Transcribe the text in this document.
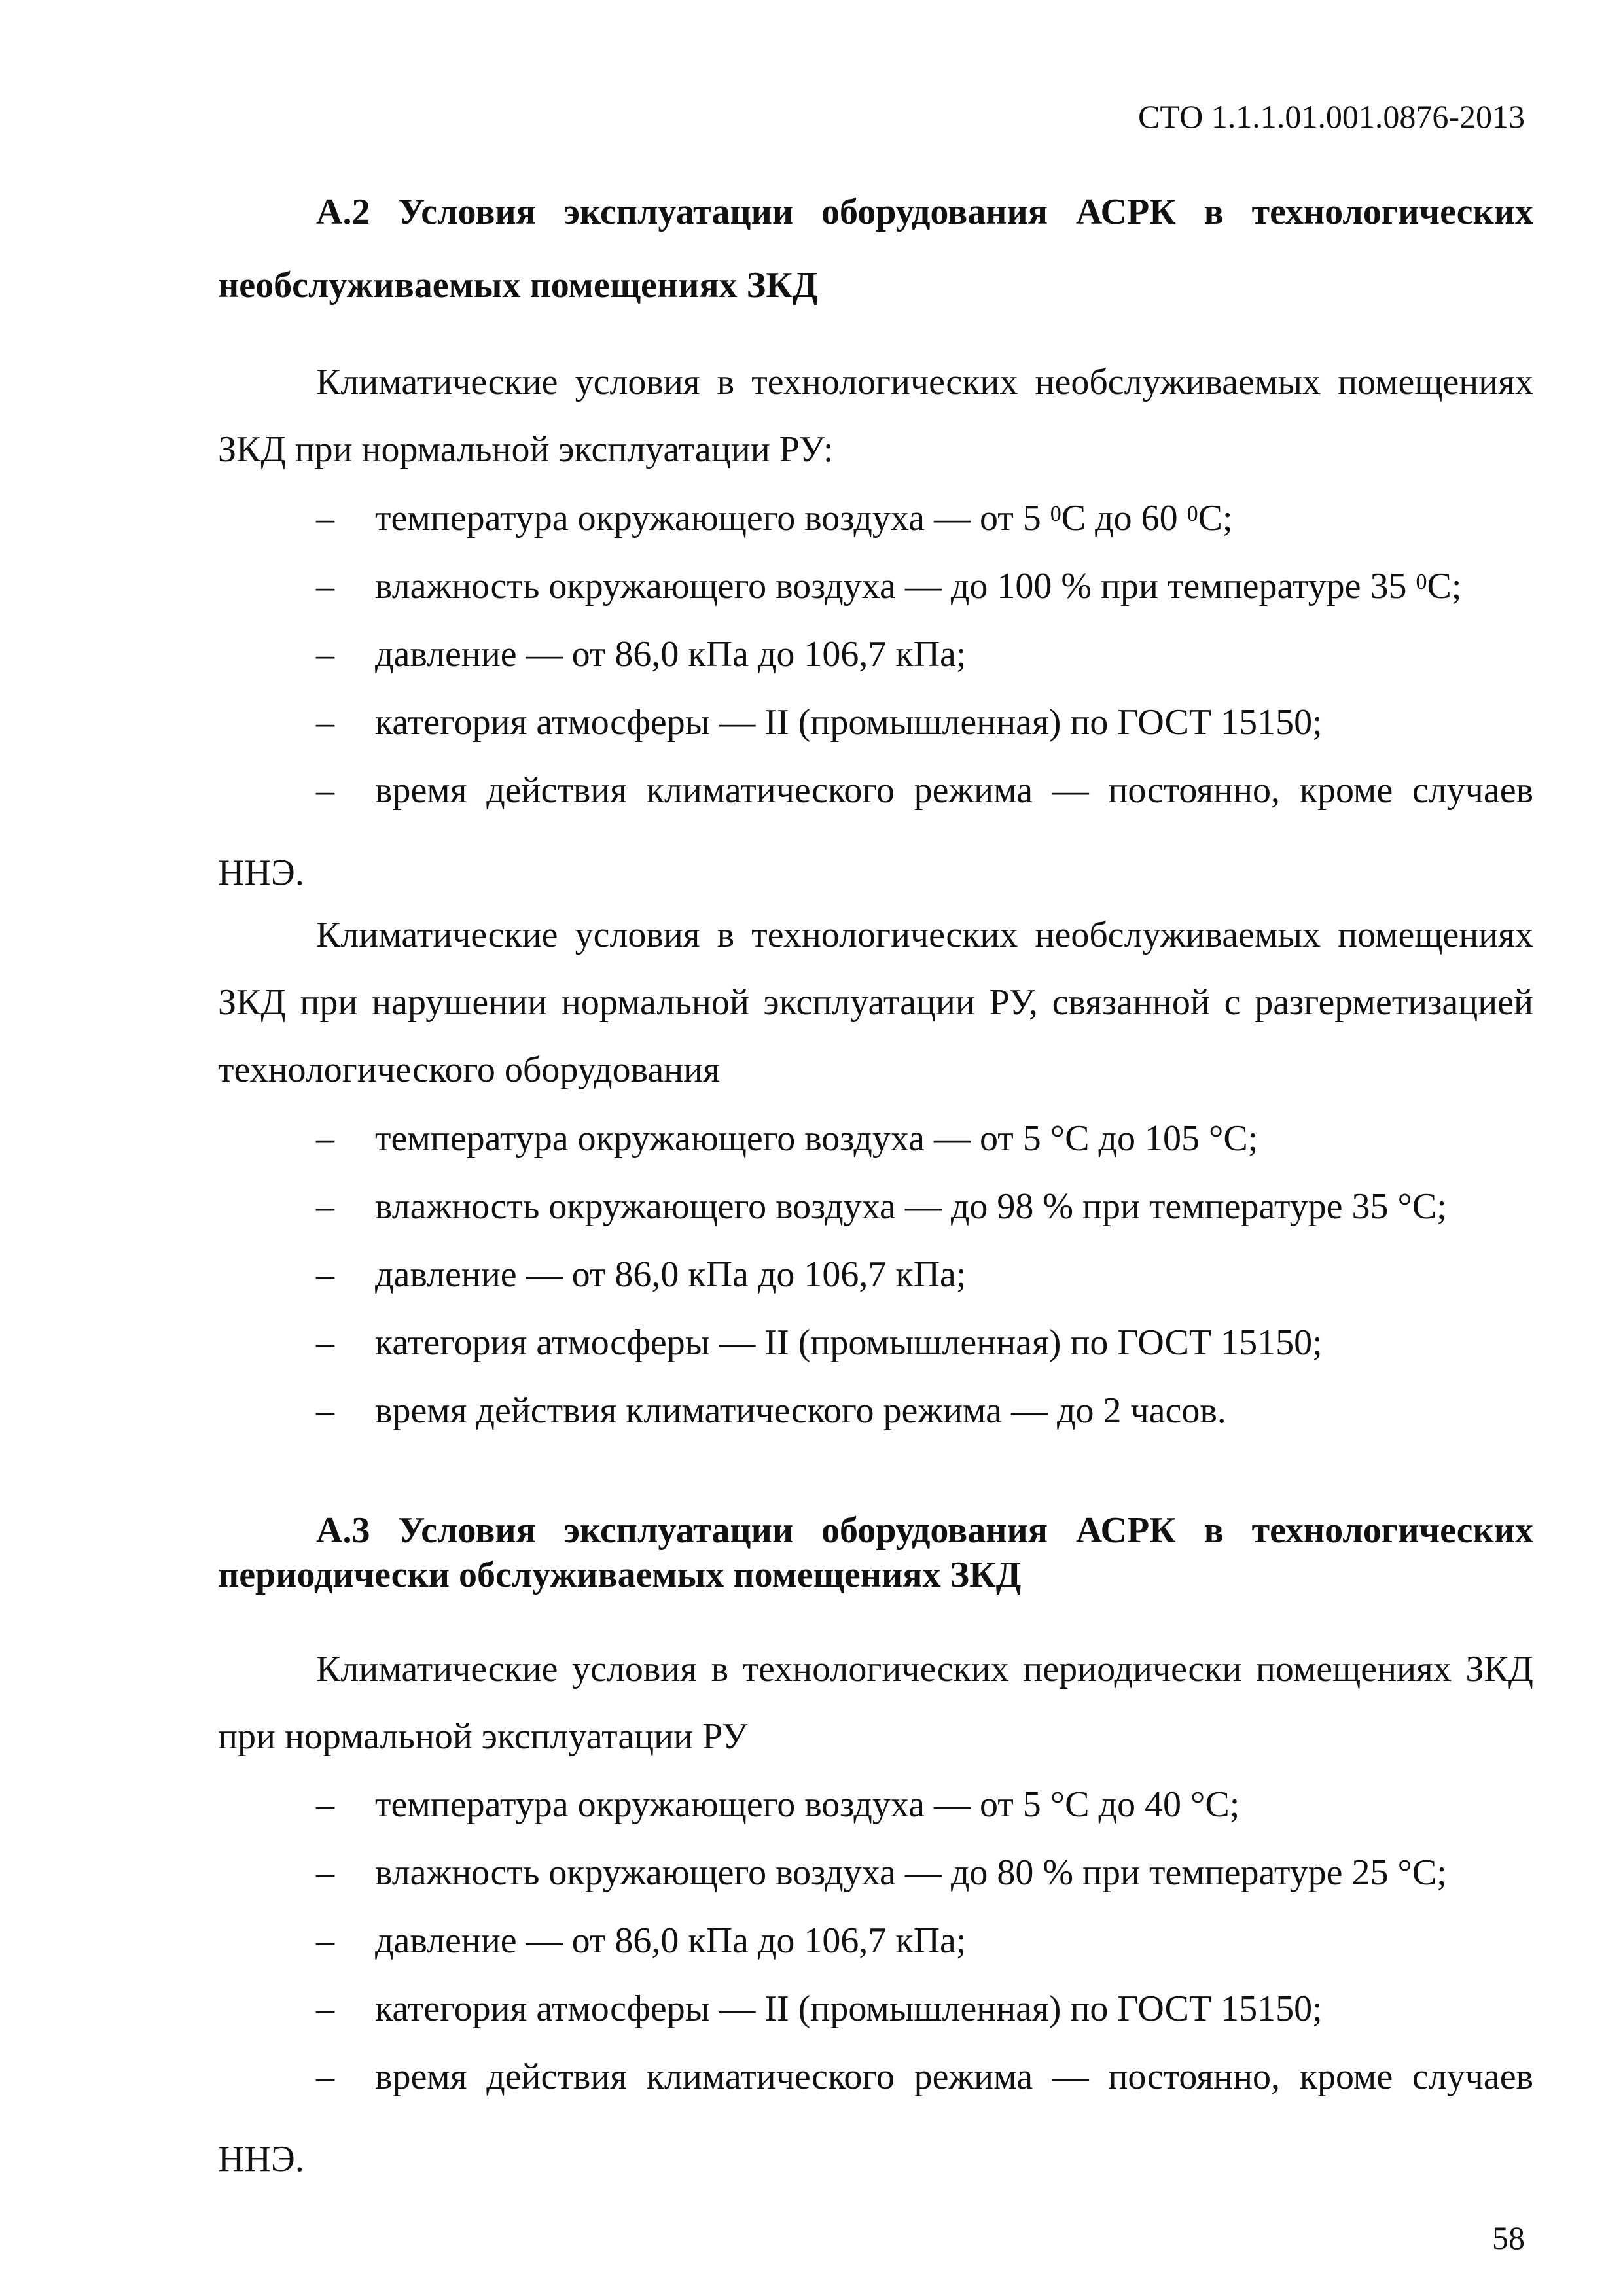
СТО 1.1.1.01.001.0876-2013
А.2 Условия эксплуатации оборудования АСРК в технологических
необслуживаемых помещениях ЗКД

Климатические условия в технологических необслуживаемых помещениях ЗКД при нормальной эксплуатации РУ:

– температура окружающего воздуха — от 5 $^0$С до 60 $^0$С;
– влажность окружающего воздуха — до 100 % при температуре 35 $^0$С;
– давление — от 86,0 кПа до 106,7 кПа;
– категория атмосферы — II (промышленная) по ГОСТ 15150;
–	время действия климатического режима — постоянно, кроме случаев
ННЭ.

Климатические условия в технологических необслуживаемых помещениях ЗКД при нарушении нормальной эксплуатации РУ, связанной с разгерметизацией технологического оборудования

– температура окружающего воздуха — от 5 °С до 105 °С;
– влажность окружающего воздуха — до 98 % при температуре 35 °С;
– давление — от 86,0 кПа до 106,7 кПа;
– категория атмосферы — II (промышленная) по ГОСТ 15150;
– время действия климатического режима — до 2 часов.
А.3 Условия эксплуатации оборудования АСРК в технологических
периодически обслуживаемых помещениях ЗКД

Климатические условия в технологических периодически помещениях ЗКД при нормальной эксплуатации РУ

– температура окружающего воздуха — от 5 °С до 40 °С;
– влажность окружающего воздуха — до 80 % при температуре 25 °С;
– давление — от 86,0 кПа до 106,7 кПа;
– категория атмосферы — II (промышленная) по ГОСТ 15150;
–	время действия климатического режима — постоянно, кроме случаев
ННЭ.
58
